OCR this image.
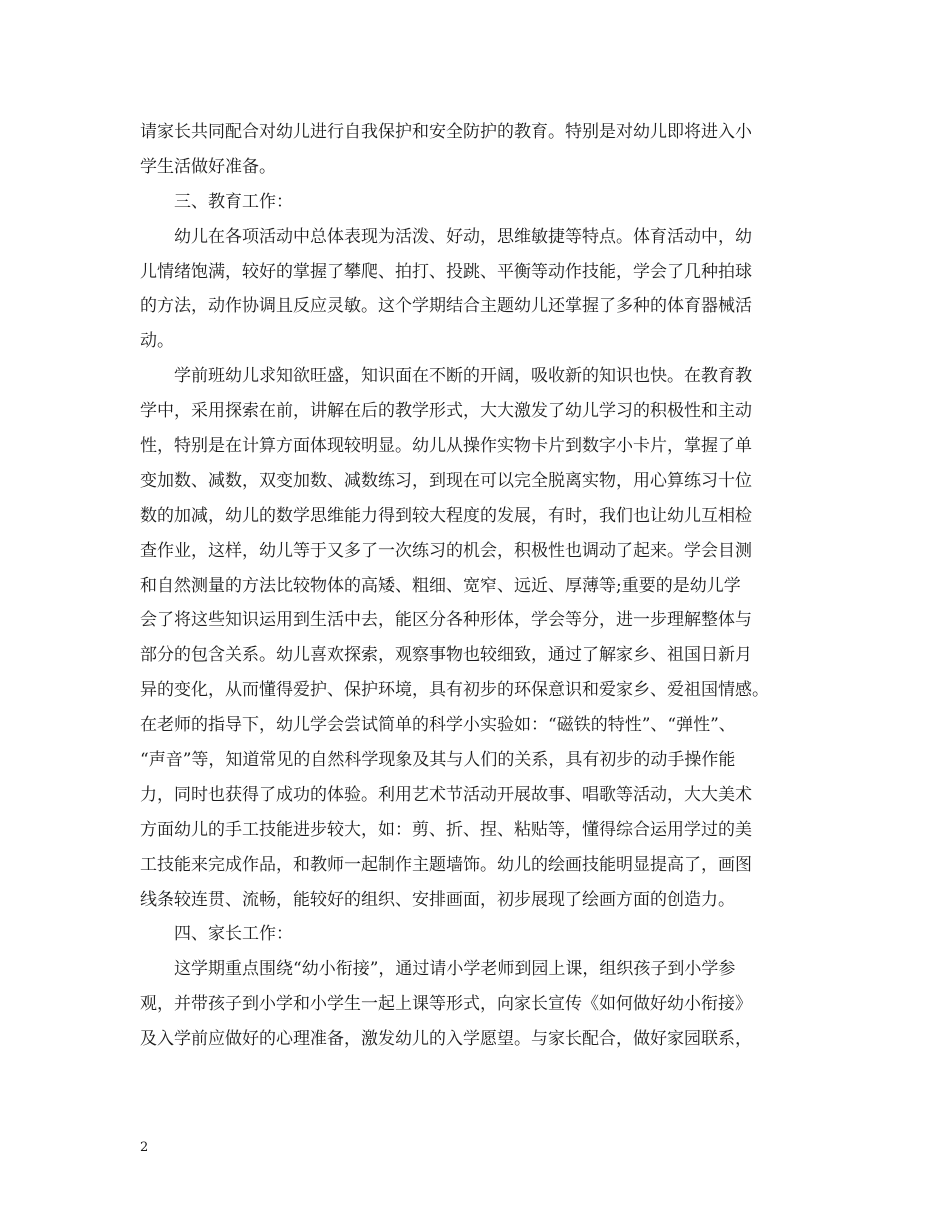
请家长共同配合对幼儿进行自我保护和安全防护的教育。特别是对幼儿即将进入小
学生活做好准备。
三、教育工作：
幼儿在各项活动中总体表现为活泼、好动，思维敏捷等特点。体育活动中，幼
儿情绪饱满，较好的掌握了攀爬、拍打、投跳、平衡等动作技能，学会了几种拍球
的方法，动作协调且反应灵敏。这个学期结合主题幼儿还掌握了多种的体育器械活
动。
学前班幼儿求知欲旺盛，知识面在不断的开阔，吸收新的知识也快。在教育教
学中，采用探索在前，讲解在后的教学形式，大大激发了幼儿学习的积极性和主动
性，特别是在计算方面体现较明显。幼儿从操作实物卡片到数字小卡片，掌握了单
变加数、减数，双变加数、减数练习，到现在可以完全脱离实物，用心算练习十位
数的加减，幼儿的数学思维能力得到较大程度的发展，有时，我们也让幼儿互相检
查作业，这样，幼儿等于又多了一次练习的机会，积极性也调动了起来。学会目测
和自然测量的方法比较物体的高矮、粗细、宽窄、远近、厚薄等;重要的是幼儿学
会了将这些知识运用到生活中去，能区分各种形体，学会等分，进一步理解整体与
部分的包含关系。幼儿喜欢探索，观察事物也较细致，通过了解家乡、祖国日新月
异的变化，从而懂得爱护、保护环境，具有初步的环保意识和爱家乡、爱祖国情感。
在老师的指导下，幼儿学会尝试简单的科学小实验如：“磁铁的特性”、“弹性”、
“声音”等，知道常见的自然科学现象及其与人们的关系，具有初步的动手操作能
力，同时也获得了成功的体验。利用艺术节活动开展故事、唱歌等活动，大大美术
方面幼儿的手工技能进步较大，如：剪、折、捏、粘贴等，懂得综合运用学过的美
工技能来完成作品，和教师一起制作主题墙饰。幼儿的绘画技能明显提高了，画图
线条较连贯、流畅，能较好的组织、安排画面，初步展现了绘画方面的创造力。
四、家长工作：
这学期重点围绕“幼小衔接”，通过请小学老师到园上课，组织孩子到小学参
观，并带孩子到小学和小学生一起上课等形式，向家长宣传《如何做好幼小衔接》
及入学前应做好的心理准备，激发幼儿的入学愿望。与家长配合，做好家园联系，
2
